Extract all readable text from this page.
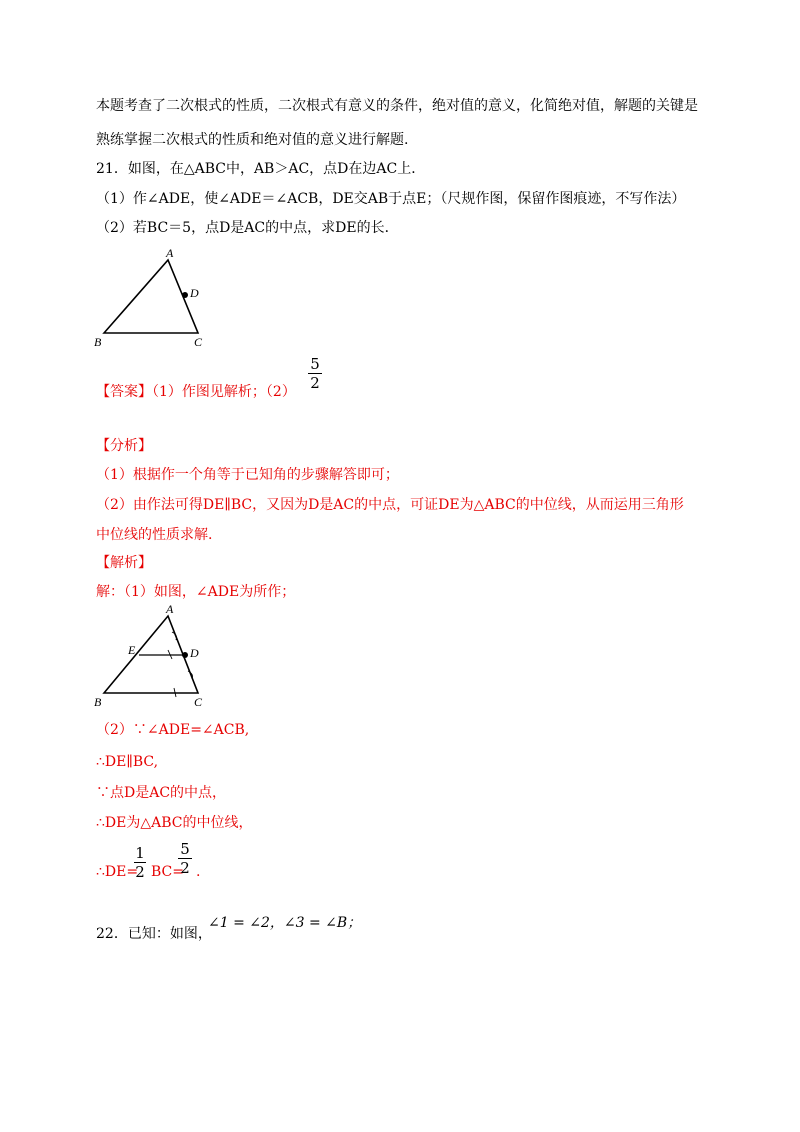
本题考查了二次根式的性质，二次根式有意义的条件，绝对值的意义，化简绝对值，解题的关键是
熟练掌握二次根式的性质和绝对值的意义进行解题.
21．如图，在△ABC中，AB＞AC，点D在边AC上．
（1）作∠ADE，使∠ADE＝∠ACB，DE交AB于点E；（尺规作图，保留作图痕迹，不写作法）
（2）若BC＝5，点D是AC的中点，求DE的长．
A
B	C
D
【答案】（1）作图见解析；（2）
5
2
【分析】
（1）根据作一个角等于已知角的步骤解答即可；
（2）由作法可得DE∥BC，又因为D是AC的中点，可证DE为△ABC的中位线，从而运用三角形
中位线的性质求解.
【解析】
解：（1）如图，∠ADE为所作；
A
E
B	C
D
（2）∵∠ADE=∠ACB,
∴DE∥BC,
∵点D是AC的中点，
∴DE为△ABC的中位线，
∴DE=
1
2 BC=
5
2 .
22．已知：如图，
∠1 = ∠2，∠3 = ∠B；
